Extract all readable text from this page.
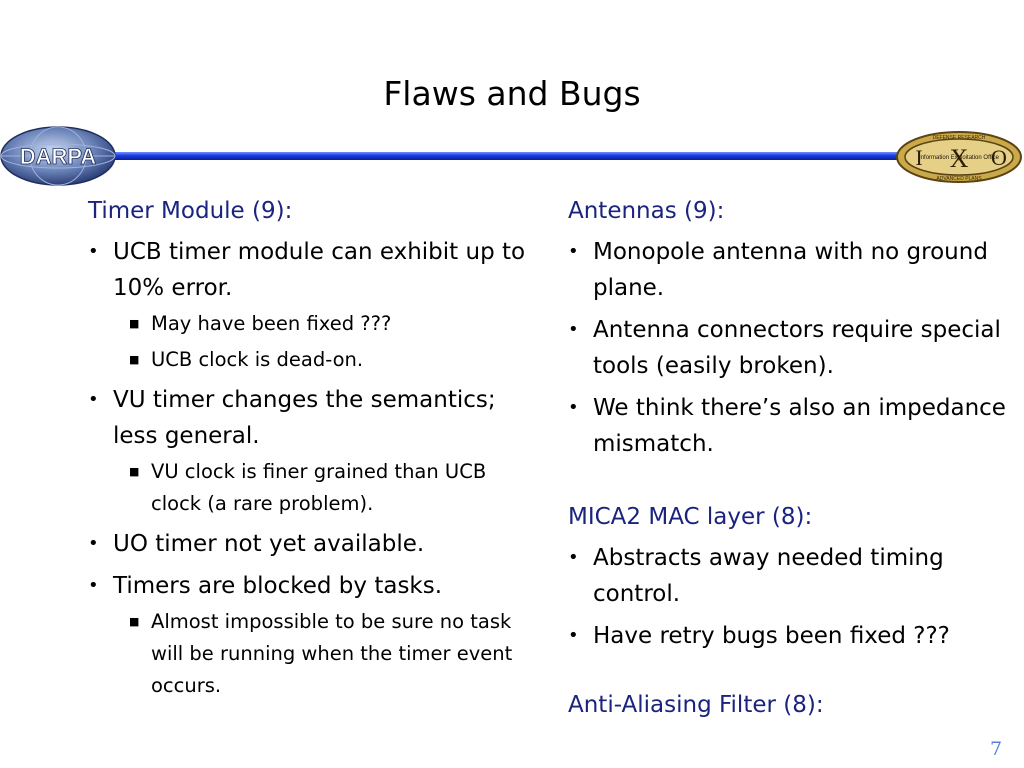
Flaws and Bugs
DARPA
DEFENSE RESEARCH
ADVANCED PLANS
I X O
Information Exploitation Office

Timer Module (9):

• UCB timer module can exhibit up to 10% error.
■ May have been fixed ???
■ UCB clock is dead-on.
• VU timer changes the semantics; less general.
■ VU clock is finer grained than UCB clock (a rare problem).
• UO timer not yet available.
• Timers are blocked by tasks.
■ Almost impossible to be sure no task will be running when the timer event occurs.

Antennas (9):

• Monopole antenna with no ground plane.
• Antenna connectors require special tools (easily broken).
• We think there’s also an impedance mismatch.

MICA2 MAC layer (8):

• Abstracts away needed timing control.
• Have retry bugs been fixed ???

Anti-Aliasing Filter (8):

7
